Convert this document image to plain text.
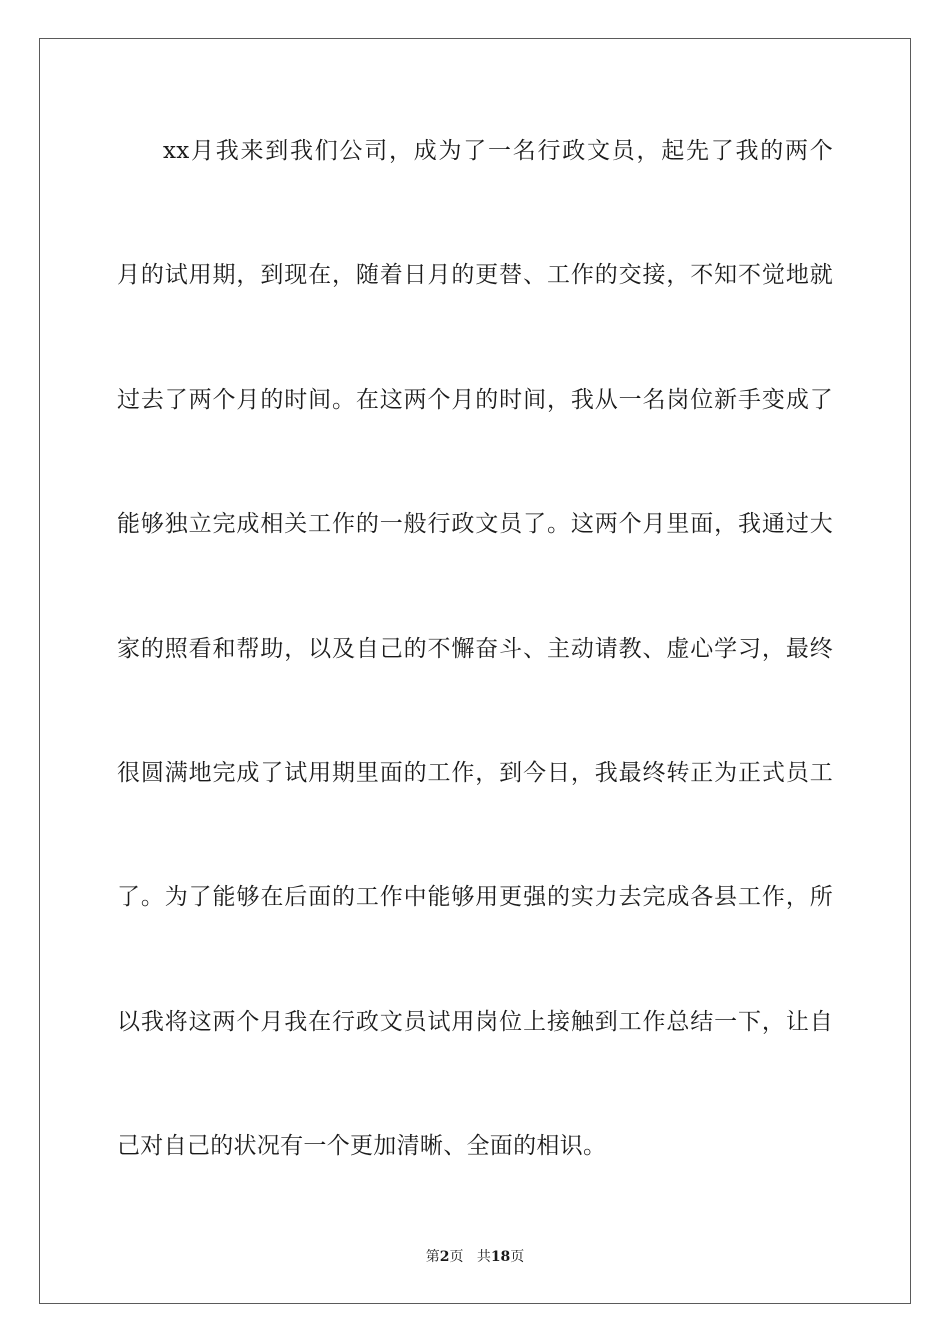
xx月我来到我们公司，成为了一名行政文员，起先了我的两个
月的试用期，到现在，随着日月的更替、工作的交接，不知不觉地就
过去了两个月的时间。在这两个月的时间，我从一名岗位新手变成了
能够独立完成相关工作的一般行政文员了。这两个月里面，我通过大
家的照看和帮助，以及自己的不懈奋斗、主动请教、虚心学习，最终
很圆满地完成了试用期里面的工作，到今日，我最终转正为正式员工
了。为了能够在后面的工作中能够用更强的实力去完成各县工作，所
以我将这两个月我在行政文员试用岗位上接触到工作总结一下，让自
己对自己的状况有一个更加清晰、全面的相识。
第2页 共18页
